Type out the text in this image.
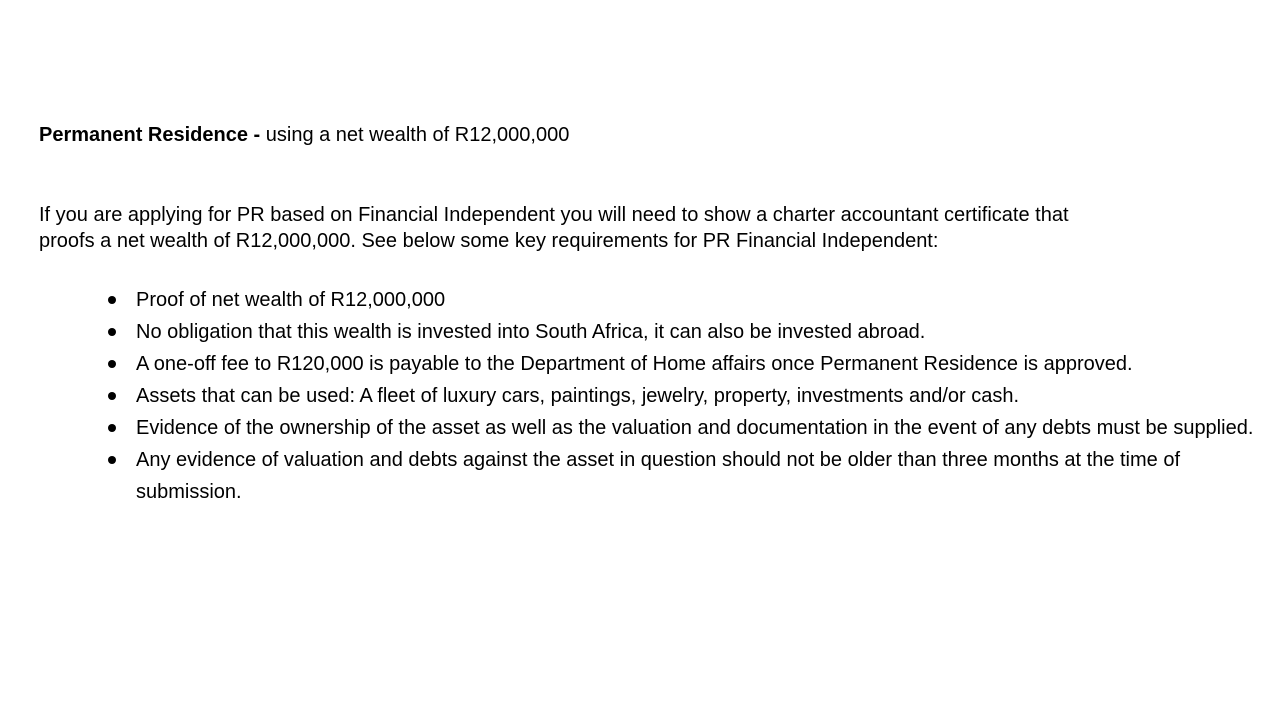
Permanent Residence - using a net wealth of R12,000,000
If you are applying for PR based on Financial Independent you will need to show a charter accountant certificate that
proofs a net wealth of R12,000,000. See below some key requirements for PR Financial Independent:
Proof of net wealth of R12,000,000
No obligation that this wealth is invested into South Africa, it can also be invested abroad.
A one-off fee to R120,000 is payable to the Department of Home affairs once Permanent Residence is approved.
Assets that can be used: A fleet of luxury cars, paintings, jewelry, property, investments and/or cash.
Evidence of the ownership of the asset as well as the valuation and documentation in the event of any debts must be supplied.
Any evidence of valuation and debts against the asset in question should not be older than three months at the time of submission.
